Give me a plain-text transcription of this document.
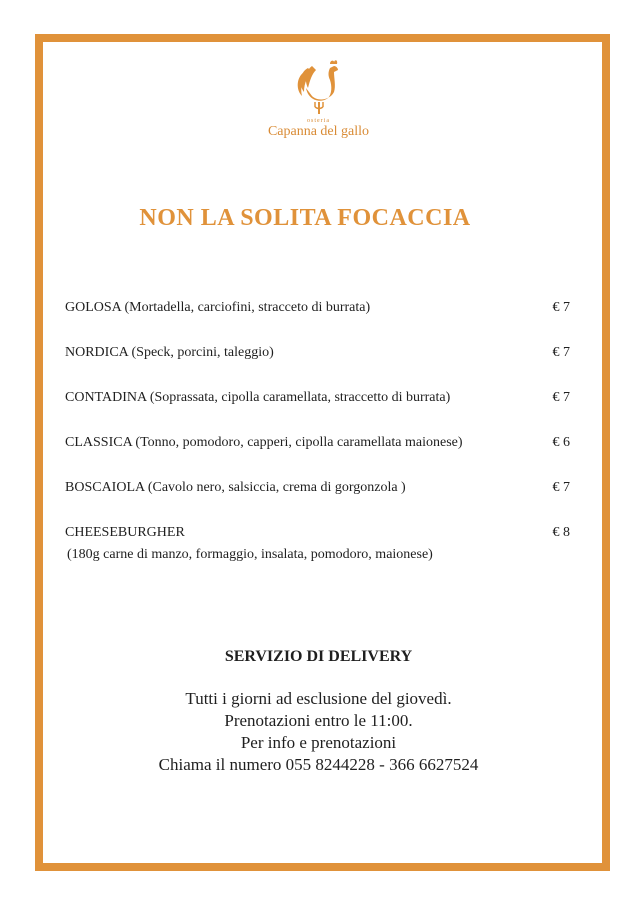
osteria
Capanna del gallo
NON LA SOLITA FOCACCIA
GOLOSA (Mortadella, carciofini, stracceto di burrata)	€ 7
NORDICA (Speck, porcini, taleggio)	€ 7
CONTADINA (Soprassata, cipolla caramellata, straccetto di burrata)	€ 7
CLASSICA (Tonno, pomodoro, capperi, cipolla caramellata maionese)	€ 6
BOSCAIOLA (Cavolo nero, salsiccia, crema di gorgonzola )	€ 7
CHEESEBURGHER	€ 8
(180g carne di manzo, formaggio, insalata, pomodoro, maionese)
SERVIZIO DI DELIVERY
Tutti i giorni ad esclusione del giovedì.
Prenotazioni entro le 11:00.
Per info e prenotazioni
Chiama il numero 055 8244228 - 366 6627524
